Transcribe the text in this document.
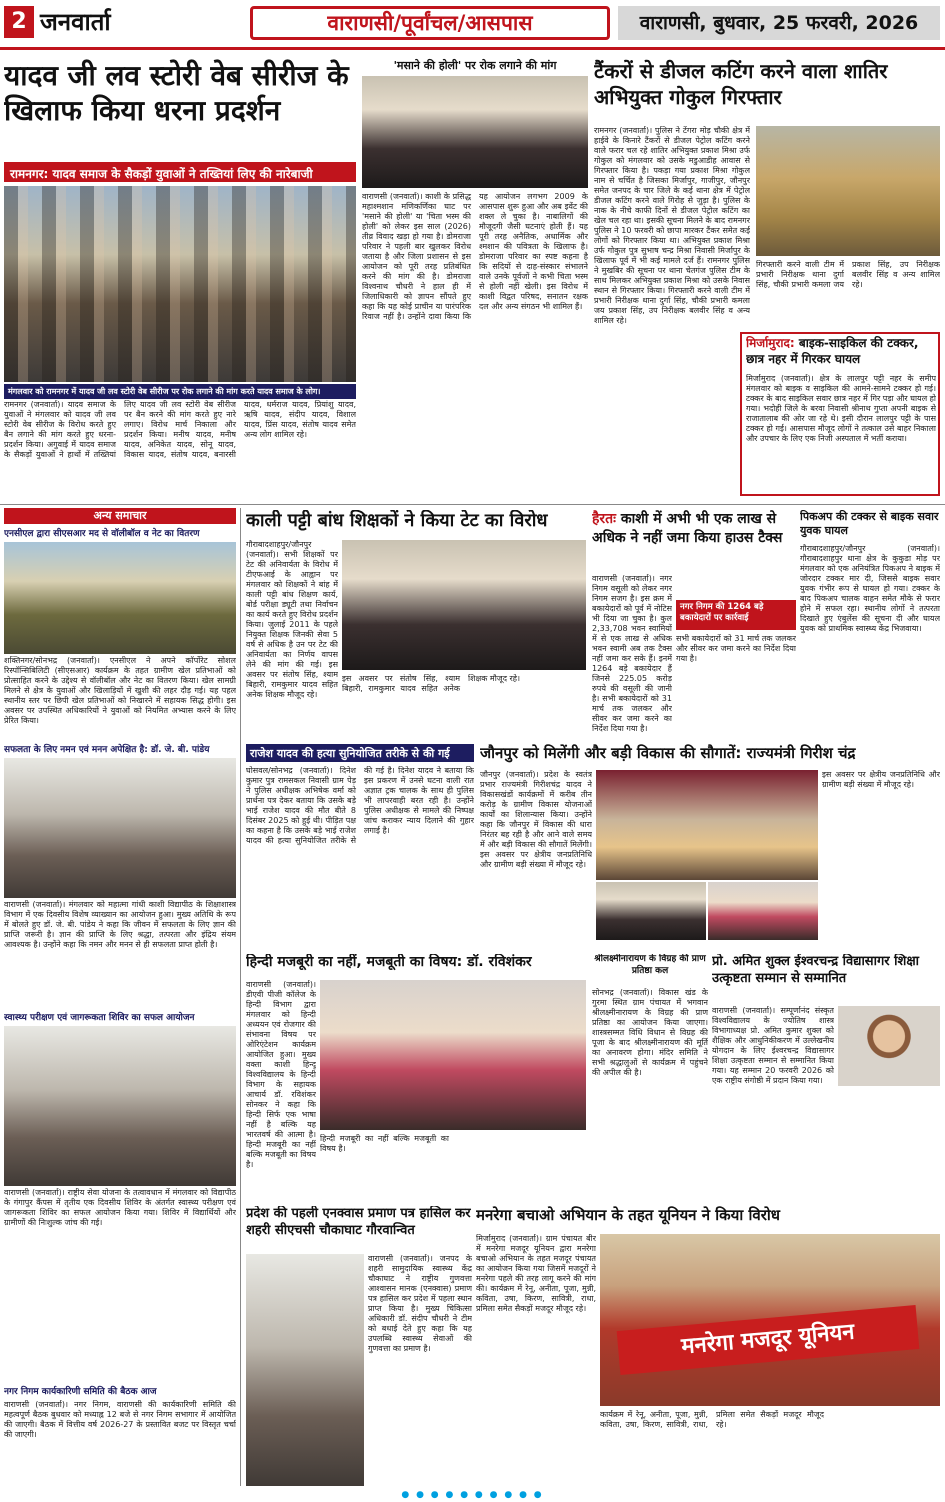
2 जनवार्ता	वाराणसी/पूर्वांचल/आसपास	वाराणसी, बुधवार, 25 फरवरी, 2026
यादव जी लव स्टोरी वेब सीरीज के खिलाफ किया धरना प्रदर्शन
रामनगर: यादव समाज के सैकड़ों युवाओं ने तख्तियां लिए की नारेबाजी
मंगलवार को रामनगर में यादव जी लव स्टोरी वेब सीरीज पर रोक लगाने की मांग करते यादव समाज के लोग।
रामनगर (जनवार्ता)। यादव समाज के युवाओं ने मंगलवार को यादव जी लव स्टोरी वेब सीरीज के विरोध करते हुए बैन लगाने की मांग करते हुए धरना-प्रदर्शन किया। अगुवाई में यादव समाज के सैकड़ों युवाओं ने हाथों में तख्तियां लिए यादव जी लव स्टोरी वेब सीरीज पर बैन करने की मांग करते हुए नारे लगाए। विरोध मार्च निकाला और प्रदर्शन किया। मनीष यादव, मनीष यादव, अनिकेत यादव, सोनू यादव, विकास यादव, संतोष यादव, बनारसी यादव, धर्मराज यादव, प्रियांशु यादव, ऋषि यादव, संदीप यादव, विशाल यादव, प्रिंस यादव, संतोष यादव समेत अन्य लोग शामिल रहे।
'मसाने की होली' पर रोक लगाने की मांग
वाराणसी (जनवार्ता)। काशी के प्रसिद्ध महाश्मशान मणिकर्णिका घाट पर 'मसाने की होली' या 'चिता भस्म की होली' को लेकर इस साल (2026) तीव्र विवाद खड़ा हो गया है। डोमराजा परिवार ने पहली बार खुलकर विरोध जताया है और जिला प्रशासन से इस आयोजन को पूरी तरह प्रतिबंधित करने की मांग की है। डोमराजा विश्वनाथ चौधरी ने हाल ही में जिलाधिकारी को ज्ञापन सौंपते हुए कहा कि यह कोई प्राचीन या पारंपरिक रिवाज नहीं है। उन्होंने दावा किया कि यह आयोजन लगभग 2009 के आसपास शुरू हुआ और अब इवेंट की शक्ल ले चुका है। नाबालिगों की मौजूदगी जैसी घटनाएं होती हैं। यह पूरी तरह अनैतिक, अधार्मिक और श्मशान की पवित्रता के खिलाफ है। डोमराजा परिवार का स्पष्ट कहना है कि सदियों से दाह-संस्कार संभालने वाले उनके पूर्वजों ने कभी चिता भस्म से होली नहीं खेली। इस विरोध में काशी विद्वत परिषद, सनातन रक्षक दल और अन्य संगठन भी शामिल हैं।
टैंकरों से डीजल कटिंग करने वाला शातिर अभियुक्त गोकुल गिरफ्तार
रामनगर (जनवार्ता)। पुलिस ने टेंगरा मोड़ चौकी क्षेत्र में हाईवे के किनारे टैंकरों से डीजल पेट्रोल कटिंग करने वाले फरार चल रहे शातिर अभियुक्त प्रकाश मिश्रा उर्फ गोकुल को मंगलवार को उसके मडुआडीह आवास से गिरफ्तार किया है। पकड़ा गया प्रकाश मिश्रा गोकुल नाम से चर्चित है जिसका मिर्जापुर, गाजीपुर, जौनपुर समेत जनपद के चार जिले के कई थाना क्षेत्र में पेट्रोल डीजल कटिंग करने वाले गिरोह से जुड़ा है। पुलिस के नाक के नीचे काफी दिनों से डीजल पेट्रोल कटिंग का खेल चल रहा था। इसकी सूचना मिलने के बाद रामनगर पुलिस ने 10 फरवरी को छापा मारकर टैंकर समेत कई लोगों को गिरफ्तार किया था। अभियुक्त प्रकाश मिश्रा उर्फ गोकुल पुत्र सुभाष चन्द्र मिश्रा निवासी मिर्जापुर के खिलाफ पूर्व में भी कई मामले दर्ज हैं। रामनगर पुलिस ने मुखबिर की सूचना पर थाना चेतगंज पुलिस टीम के साथ मिलकर अभियुक्त प्रकाश मिश्रा को उसके निवास स्थान से गिरफ्तार किया। गिरफ्तारी करने वाली टीम में प्रभारी निरीक्षक थाना दुर्गा सिंह, चौकी प्रभारी कमला जय प्रकाश सिंह, उप निरीक्षक बलवीर सिंह व अन्य शामिल रहे।
गिरफ्तारी करने वाली टीम में प्रभारी निरीक्षक थाना दुर्गा सिंह, चौकी प्रभारी कमला जय प्रकाश सिंह, उप निरीक्षक बलवीर सिंह व अन्य शामिल रहे।
मिर्जामुराद: बाइक-साइकिल की टक्कर, छात्र नहर में गिरकर घायल
मिर्जामुराद (जनवार्ता)। क्षेत्र के लालपुर पट्टी नहर के समीप मंगलवार को बाइक व साइकिल की आमने-सामने टक्कर हो गई। टक्कर के बाद साइकिल सवार छात्र नहर में गिर पड़ा और घायल हो गया। भदोही जिले के बरवा निवासी श्रीनाथ गुप्ता अपनी बाइक से राजातालाब की ओर जा रहे थे। इसी दौरान लालपुर पट्टी के पास टक्कर हो गई। आसपास मौजूद लोगों ने तत्काल उसे बाहर निकाला और उपचार के लिए एक निजी अस्पताल में भर्ती कराया।
अन्य समाचार
एनसीएल द्वारा सीएसआर मद से वॉलीबॉल व नेट का वितरण
शक्तिनगर/सोनभद्र (जनवार्ता)। एनसीएल ने अपने कॉर्पोरेट सोशल रिस्पॉन्सिबिलिटी (सीएसआर) कार्यक्रम के तहत ग्रामीण खेल प्रतिभाओं को प्रोत्साहित करने के उद्देश्य से वॉलीबॉल और नेट का वितरण किया। खेल सामग्री मिलने से क्षेत्र के युवाओं और खिलाड़ियों में खुशी की लहर दौड़ गई। यह पहल स्थानीय स्तर पर छिपी खेल प्रतिभाओं को निखारने में सहायक सिद्ध होगी। इस अवसर पर उपस्थित अधिकारियों ने युवाओं को नियमित अभ्यास करने के लिए प्रेरित किया।
सफलता के लिए नमन एवं मनन अपेक्षित है: डॉ. जे. बी. पांडेय
वाराणसी (जनवार्ता)। मंगलवार को महात्मा गांधी काशी विद्यापीठ के शिक्षाशास्त्र विभाग में एक दिवसीय विशेष व्याख्यान का आयोजन हुआ। मुख्य अतिथि के रूप में बोलते हुए डॉ. जे. बी. पांडेय ने कहा कि जीवन में सफलता के लिए ज्ञान की प्राप्ति जरूरी है। ज्ञान की प्राप्ति के लिए श्रद्धा, तत्परता और इंद्रिय संयम आवश्यक है। उन्होंने कहा कि नमन और मनन से ही सफलता प्राप्त होती है।
स्वास्थ्य परीक्षण एवं जागरूकता शिविर का सफल आयोजन
वाराणसी (जनवार्ता)। राष्ट्रीय सेवा योजना के तत्वावधान में मंगलवार को विद्यापीठ के गंगापुर कैंपस में तृतीय एक दिवसीय शिविर के अंतर्गत स्वास्थ्य परीक्षण एवं जागरूकता शिविर का सफल आयोजन किया गया। शिविर में विद्यार्थियों और ग्रामीणों की निःशुल्क जांच की गई।
नगर निगम कार्यकारिणी समिति की बैठक आज
वाराणसी (जनवार्ता)। नगर निगम, वाराणसी की कार्यकारिणी समिति की महत्वपूर्ण बैठक बुधवार को मध्याह्न 12 बजे से नगर निगम सभागार में आयोजित की जाएगी। बैठक में वित्तीय वर्ष 2026-27 के प्रस्तावित बजट पर विस्तृत चर्चा की जाएगी।
काली पट्टी बांध शिक्षकों ने किया टेट का विरोध
गौराबादशाहपुर/जौनपुर (जनवार्ता)। सभी शिक्षकों पर टेट की अनिवार्यता के विरोध में टीएफआई के आह्वान पर मंगलवार को शिक्षकों ने बांह में काली पट्टी बांध शिक्षण कार्य, बोर्ड परीक्षा ड्यूटी तथा निर्वाचन का कार्य करते हुए विरोध प्रदर्शन किया। जुलाई 2011 के पहले नियुक्त शिक्षक जिनकी सेवा 5 वर्ष से अधिक है उन पर टेट की अनिवार्यता का निर्णय वापस लेने की मांग की गई। इस अवसर पर संतोष सिंह, श्याम बिहारी, रामकुमार यादव सहित अनेक शिक्षक मौजूद रहे।
इस अवसर पर संतोष सिंह, श्याम बिहारी, रामकुमार यादव सहित अनेक शिक्षक मौजूद रहे।
राजेश यादव की हत्या सुनियोजित तरीके से की गई
घोसवल/सोनभद्र (जनवार्ता)। दिनेश कुमार पुत्र रामसकल निवासी ग्राम पेड़ ने पुलिस अधीक्षक अभिषेक वर्मा को प्रार्थना पत्र देकर बताया कि उसके बड़े भाई राजेश यादव की मौत बीते 8 दिसंबर 2025 को हुई थी। पीड़ित पक्ष का कहना है कि उसके बड़े भाई राजेश यादव की हत्या सुनियोजित तरीके से की गई है। दिनेश यादव ने बताया कि इस प्रकरण में उनसे घटना वाली रात अज्ञात ट्रक चालक के साथ ही पुलिस भी लापरवाही बरत रही है। उन्होंने पुलिस अधीक्षक से मामले की निष्पक्ष जांच कराकर न्याय दिलाने की गुहार लगाई है।
जौनपुर को मिलेंगी और बड़ी विकास की सौगातें: राज्यमंत्री गिरीश चंद्र
जौनपुर (जनवार्ता)। प्रदेश के स्वतंत्र प्रभार राज्यमंत्री गिरीशचंद्र यादव ने विकासखंडों कार्यक्रमों में करीब तीन करोड़ के ग्रामीण विकास योजनाओं कार्यों का शिलान्यास किया। उन्होंने कहा कि जौनपुर में विकास की धारा निरंतर बह रही है और आने वाले समय में और बड़ी विकास की सौगातें मिलेंगी। इस अवसर पर क्षेत्रीय जनप्रतिनिधि और ग्रामीण बड़ी संख्या में मौजूद रहे।
इस अवसर पर क्षेत्रीय जनप्रतिनिधि और ग्रामीण बड़ी संख्या में मौजूद रहे।
हैरतः काशी में अभी भी एक लाख से अधिक ने नहीं जमा किया हाउस टैक्स
नगर निगम की 1264 बड़े बकायेदारों पर कार्रवाई
वाराणसी (जनवार्ता)। नगर निगम वसूली को लेकर नगर निगम सजग है। इस क्रम में बकायेदारों को पूर्व में नोटिस भी दिया जा चुका है। कुल 2,33,708 भवन स्वामियों में से एक लाख से अधिक भवन स्वामी अब तक टैक्स नहीं जमा कर सके हैं। इनमें 1264 बड़े बकायेदार हैं जिनसे 225.05 करोड़ रुपये की वसूली की जानी है। सभी बकायेदारों को 31 मार्च तक जलकर और सीवर कर जमा करने का निर्देश दिया गया है।
सभी बकायेदारों को 31 मार्च तक जलकर और सीवर कर जमा करने का निर्देश दिया गया है।
पिकअप की टक्कर से बाइक सवार युवक घायल
गौराबादशाहपुर/जौनपुर (जनवार्ता)। गौराबादशाहपुर थाना क्षेत्र के कुकुडा मोड़ पर मंगलवार को एक अनियंत्रित पिकअप ने बाइक में जोरदार टक्कर मार दी, जिससे बाइक सवार युवक गंभीर रूप से घायल हो गया। टक्कर के बाद पिकअप चालक वाहन समेत मौके से फरार होने में सफल रहा। स्थानीय लोगों ने तत्परता दिखाते हुए एंबुलेंस की सूचना दी और घायल युवक को प्राथमिक स्वास्थ्य केंद्र भिजवाया।
हिन्दी मजबूरी का नहीं, मजबूती का विषय: डॉ. रविशंकर
वाराणसी (जनवार्ता)। डीएवी पीजी कॉलेज के हिन्दी विभाग द्वारा मंगलवार को हिन्दी अध्ययन एवं रोजगार की संभावना विषय पर ओरिएंटेशन कार्यक्रम आयोजित हुआ। मुख्य वक्ता काशी हिन्दू विश्वविद्यालय के हिन्दी विभाग के सहायक आचार्य डॉ. रविशंकर सोनकर ने कहा कि हिन्दी सिर्फ एक भाषा नहीं है बल्कि यह भारतवर्ष की आत्मा है। हिन्दी मजबूरी का नहीं बल्कि मजबूती का विषय है।
हिन्दी मजबूरी का नहीं बल्कि मजबूती का विषय है।
श्रीलक्ष्मीनारायण के विग्रह की प्राण प्रतिष्ठा कल
सोनभद्र (जनवार्ता)। विकास खंड के गुरमा स्थित ग्राम पंचायत में भगवान श्रीलक्ष्मीनारायण के विग्रह की प्राण प्रतिष्ठा का आयोजन किया जाएगा। शास्त्रसम्मत विधि विधान से विग्रह की पूजा के बाद श्रीलक्ष्मीनारायण की मूर्ति का अनावरण होगा। मंदिर समिति ने सभी श्रद्धालुओं से कार्यक्रम में पहुंचने की अपील की है।
प्रो. अमित शुक्ल ईश्वरचन्द्र विद्यासागर शिक्षा उत्कृष्टता सम्मान से सम्मानित
वाराणसी (जनवार्ता)। सम्पूर्णानंद संस्कृत विश्वविद्यालय के ज्योतिष शास्त्र विभागाध्यक्ष प्रो. अमित कुमार शुक्ल को शैक्षिक और आधुनिकीकरण में उल्लेखनीय योगदान के लिए ईश्वरचन्द्र विद्यासागर शिक्षा उत्कृष्टता सम्मान से सम्मानित किया गया। यह सम्मान 20 फरवरी 2026 को एक राष्ट्रीय संगोष्ठी में प्रदान किया गया।
प्रदेश की पहली एनक्वास प्रमाण पत्र हासिल कर शहरी सीएचसी चौकाघाट गौरवान्वित
वाराणसी (जनवार्ता)। जनपद के शहरी सामुदायिक स्वास्थ्य केंद्र चौकाघाट ने राष्ट्रीय गुणवत्ता आश्वासन मानक (एनक्वास) प्रमाण पत्र हासिल कर प्रदेश में पहला स्थान प्राप्त किया है। मुख्य चिकित्सा अधिकारी डॉ. संदीप चौधरी ने टीम को बधाई देते हुए कहा कि यह उपलब्धि स्वास्थ्य सेवाओं की गुणवत्ता का प्रमाण है।
मनरेगा बचाओ अभियान के तहत यूनियन ने किया विरोध
मिर्जामुराद (जनवार्ता)। ग्राम पंचायत बीर में मनरेगा मजदूर यूनियन द्वारा मनरेगा बचाओ अभियान के तहत मजदूर पंचायत का आयोजन किया गया जिसमें मजदूरों ने मनरेगा पहले की तरह लागू करने की मांग की। कार्यक्रम में रेनू, अनीता, पूजा, मुन्नी, कविता, उषा, किरण, सावित्री, राधा, प्रमिला समेत सैकड़ों मजदूर मौजूद रहे।
मनरेगा मजदूर यूनियन
कार्यक्रम में रेनू, अनीता, पूजा, मुन्नी, कविता, उषा, किरण, सावित्री, राधा, प्रमिला समेत सैकड़ों मजदूर मौजूद रहे।
● ● ● ● ● ● ● ● ● ●
